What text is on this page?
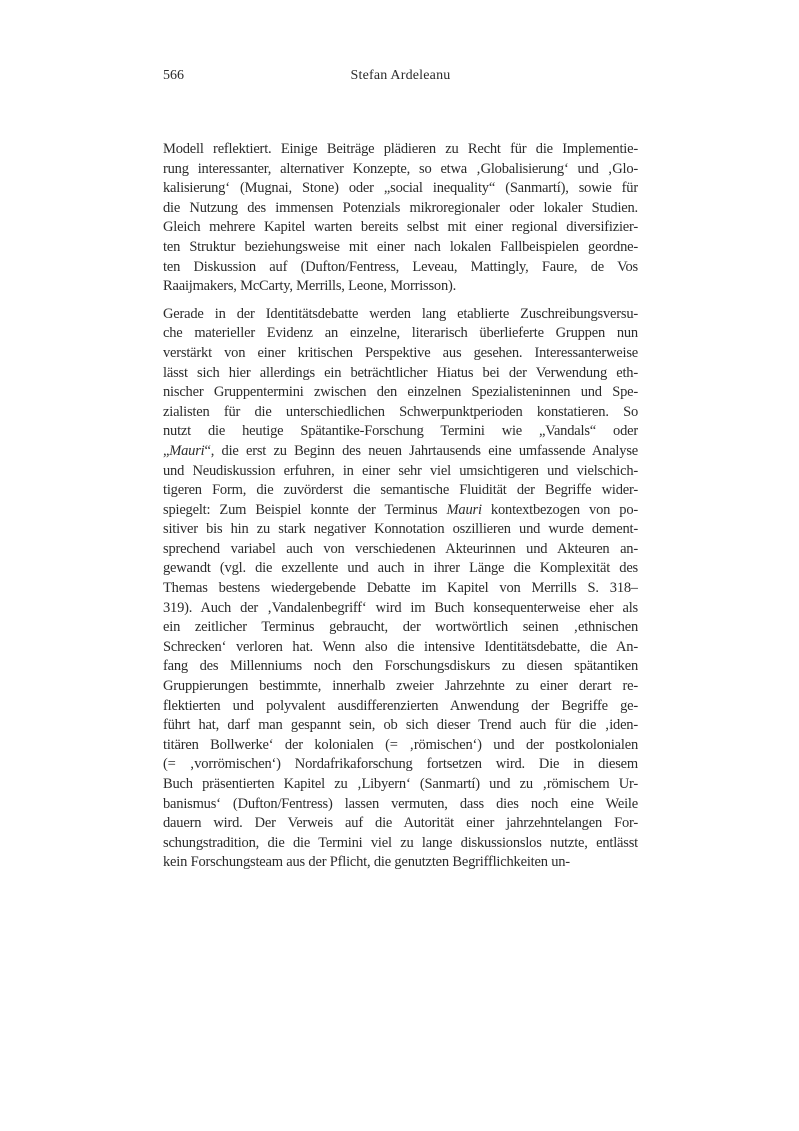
566	Stefan Ardeleanu
Modell reflektiert. Einige Beiträge plädieren zu Recht für die Implementie-
rung interessanter, alternativer Konzepte, so etwa ‚Globalisierung‘ und ‚Glo-
kalisierung‘ (Mugnai, Stone) oder „social inequality“ (Sanmartí), sowie für
die Nutzung des immensen Potenzials mikroregionaler oder lokaler Studien.
Gleich mehrere Kapitel warten bereits selbst mit einer regional diversifizier-
ten Struktur beziehungsweise mit einer nach lokalen Fallbeispielen geordne-
ten Diskussion auf (Dufton/Fentress, Leveau, Mattingly, Faure, de Vos
Raaijmakers, McCarty, Merrills, Leone, Morrisson).
Gerade in der Identitätsdebatte werden lang etablierte Zuschreibungsversu-
che materieller Evidenz an einzelne, literarisch überlieferte Gruppen nun
verstärkt von einer kritischen Perspektive aus gesehen. Interessanterweise
lässt sich hier allerdings ein beträchtlicher Hiatus bei der Verwendung eth-
nischer Gruppentermini zwischen den einzelnen Spezialisteninnen und Spe-
zialisten für die unterschiedlichen Schwerpunktperioden konstatieren. So
nutzt die heutige Spätantike-Forschung Termini wie „Vandals“ oder
„Mauri“, die erst zu Beginn des neuen Jahrtausends eine umfassende Analyse
und Neudiskussion erfuhren, in einer sehr viel umsichtigeren und vielschich-
tigeren Form, die zuvörderst die semantische Fluidität der Begriffe wider-
spiegelt: Zum Beispiel konnte der Terminus Mauri kontextbezogen von po-
sitiver bis hin zu stark negativer Konnotation oszillieren und wurde dement-
sprechend variabel auch von verschiedenen Akteurinnen und Akteuren an-
gewandt (vgl. die exzellente und auch in ihrer Länge die Komplexität des
Themas bestens wiedergebende Debatte im Kapitel von Merrills S. 318–
319). Auch der ‚Vandalenbegriff‘ wird im Buch konsequenterweise eher als
ein zeitlicher Terminus gebraucht, der wortwörtlich seinen ‚ethnischen
Schrecken‘ verloren hat. Wenn also die intensive Identitätsdebatte, die An-
fang des Millenniums noch den Forschungsdiskurs zu diesen spätantiken
Gruppierungen bestimmte, innerhalb zweier Jahrzehnte zu einer derart re-
flektierten und polyvalent ausdifferenzierten Anwendung der Begriffe ge-
führt hat, darf man gespannt sein, ob sich dieser Trend auch für die ‚iden-
titären Bollwerke‘ der kolonialen (= ‚römischen‘) und der postkolonialen
(= ‚vorrömischen‘) Nordafrikaforschung fortsetzen wird. Die in diesem
Buch präsentierten Kapitel zu ‚Libyern‘ (Sanmartí) und zu ‚römischem Ur-
banismus‘ (Dufton/Fentress) lassen vermuten, dass dies noch eine Weile
dauern wird. Der Verweis auf die Autorität einer jahrzehntelangen For-
schungstradition, die die Termini viel zu lange diskussionslos nutzte, entlässt
kein Forschungsteam aus der Pflicht, die genutzten Begrifflichkeiten un-
